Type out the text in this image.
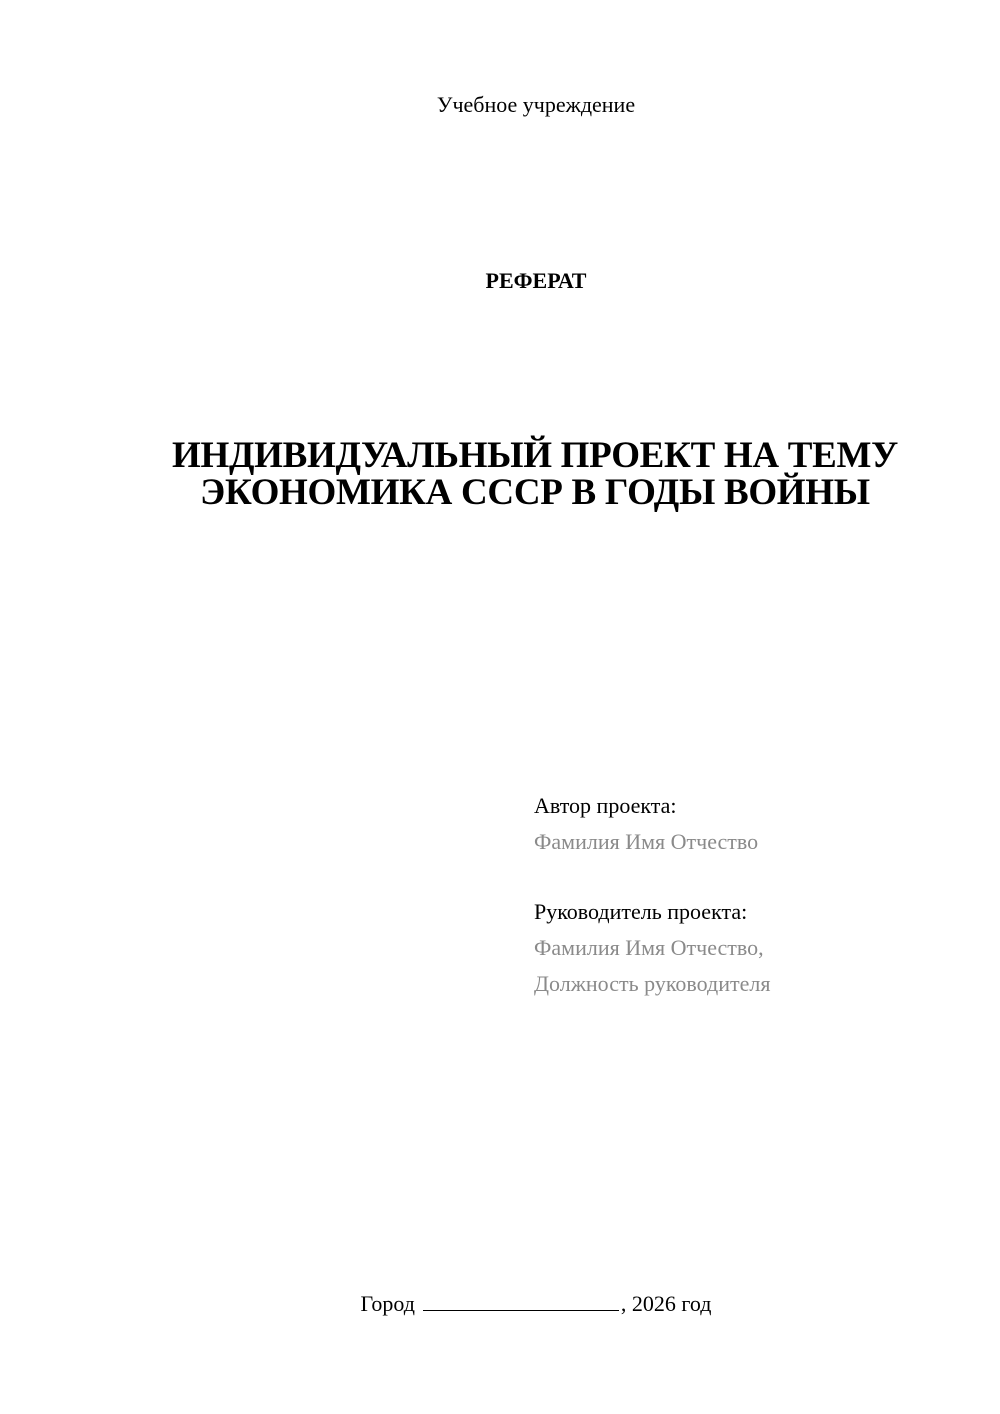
Учебное учреждение
РЕФЕРАТ
ИНДИВИДУАЛЬНЫЙ ПРОЕКТ НА ТЕМУ
ЭКОНОМИКА СССР В ГОДЫ ВОЙНЫ
Автор проекта:
Фамилия Имя Отчество
Руководитель проекта:
Фамилия Имя Отчество,
Должность руководителя
Город	, 2026 год
